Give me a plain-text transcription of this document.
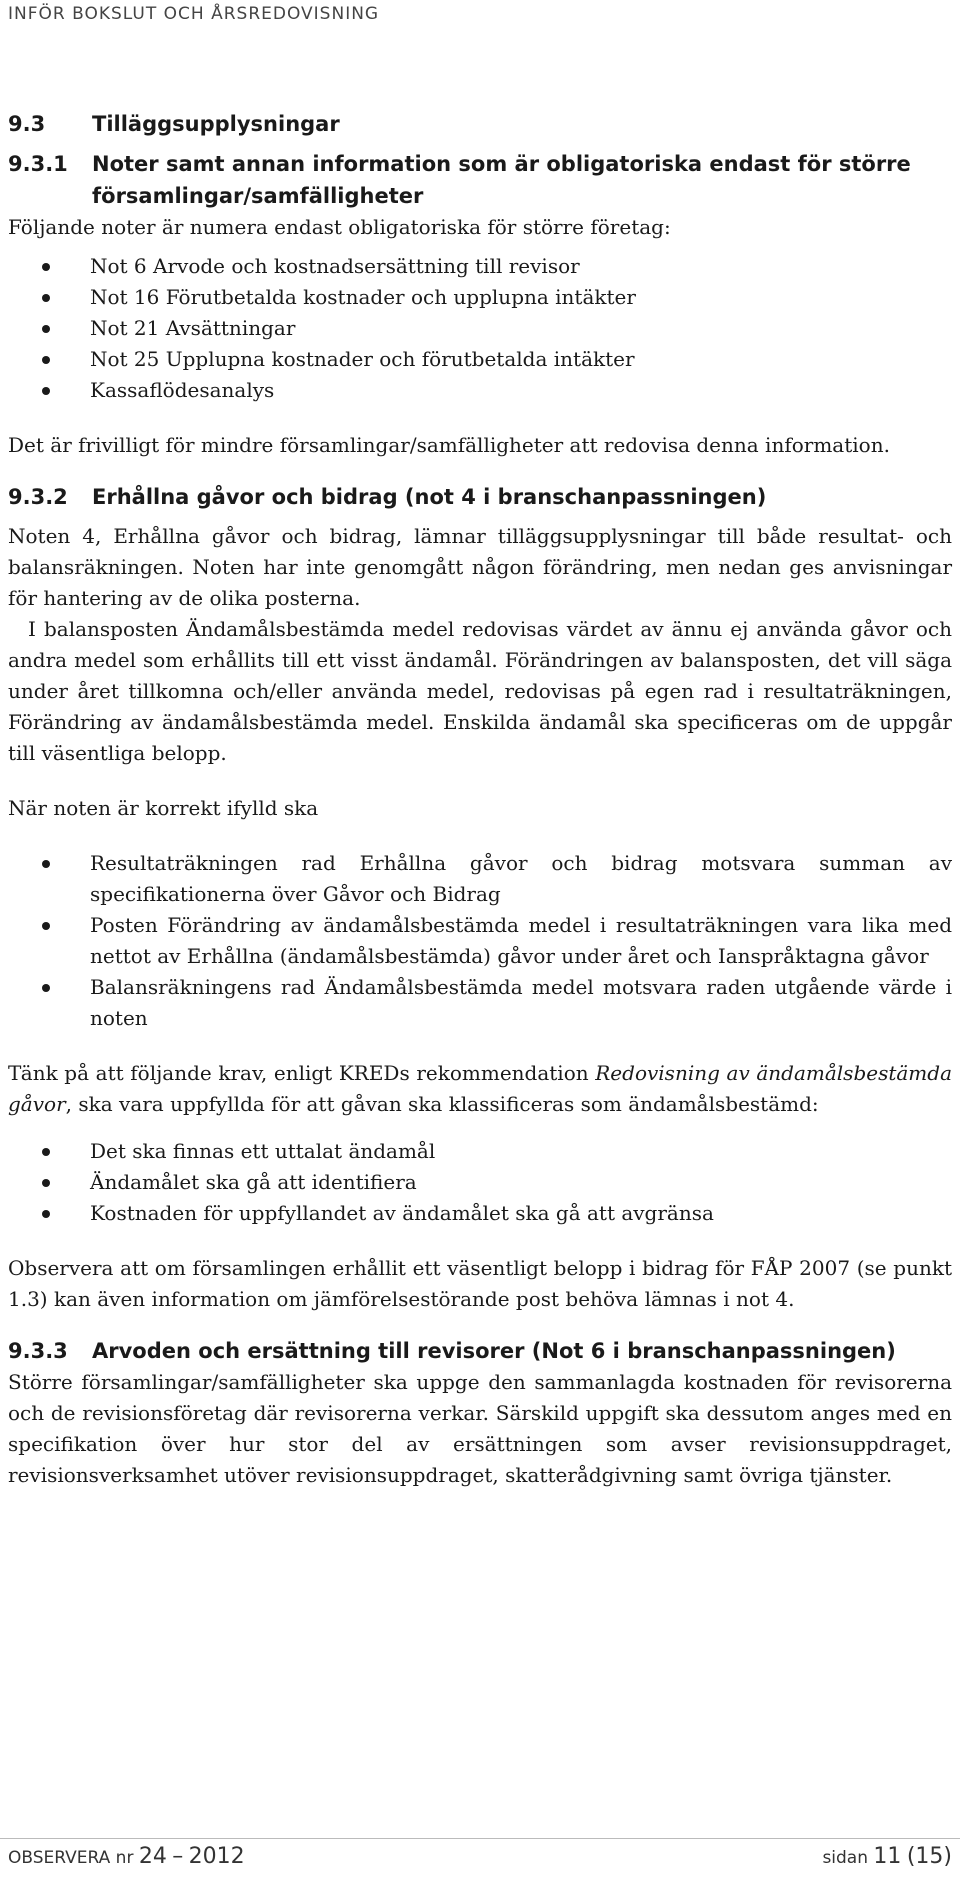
INFÖR BOKSLUT OCH ÅRSREDOVISNING
9.3	Tilläggsupplysningar
9.3.1	Noter samt annan information som är obligatoriska endast för större församlingar/samfälligheter

Följande noter är numera endast obligatoriska för större företag:

Not 6 Arvode och kostnadsersättning till revisor
Not 16 Förutbetalda kostnader och upplupna intäkter
Not 21 Avsättningar
Not 25 Upplupna kostnader och förutbetalda intäkter
Kassaflödesanalys

Det är frivilligt för mindre församlingar/samfälligheter att redovisa denna information.

9.3.2	Erhållna gåvor och bidrag (not 4 i branschanpassningen)

Noten 4, Erhållna gåvor och bidrag, lämnar tilläggsupplysningar till både resultat- och balansräkningen. Noten har inte genomgått någon förändring, men nedan ges anvisningar för hantering av de olika posterna.

I balansposten Ändamålsbestämda medel redovisas värdet av ännu ej använda gåvor och andra medel som erhållits till ett visst ändamål. Förändringen av balansposten, det vill säga under året tillkomna och/eller använda medel, redovisas på egen rad i resultaträkningen, Förändring av ändamålsbestämda medel. Enskilda ändamål ska specificeras om de uppgår till väsentliga belopp.

När noten är korrekt ifylld ska

Resultaträkningen rad Erhållna gåvor och bidrag motsvara summan av specifikationerna över Gåvor och Bidrag
Posten Förändring av ändamålsbestämda medel i resultaträkningen vara lika med nettot av Erhållna (ändamålsbestämda) gåvor under året och Ianspråktagna gåvor
Balansräkningens rad Ändamålsbestämda medel motsvara raden utgående värde i noten

Tänk på att följande krav, enligt KREDs rekommendation Redovisning av ändamålsbestämda gåvor, ska vara uppfyllda för att gåvan ska klassificeras som ändamålsbestämd:

Det ska finnas ett uttalat ändamål
Ändamålet ska gå att identifiera
Kostnaden för uppfyllandet av ändamålet ska gå att avgränsa

Observera att om församlingen erhållit ett väsentligt belopp i bidrag för FÅP 2007 (se punkt 1.3) kan även information om jämförelsestörande post behöva lämnas i not 4.

9.3.3	Arvoden och ersättning till revisorer (Not 6 i branschanpassningen)

Större församlingar/samfälligheter ska uppge den sammanlagda kostnaden för revisorerna och de revisionsföretag där revisorerna verkar. Särskild uppgift ska dessutom anges med en specifikation över hur stor del av ersättningen som avser revisionsuppdraget, revisionsverksamhet utöver revisionsuppdraget, skatterådgivning samt övriga tjänster.

OBSERVERA nr 24 – 2012	sidan 11 (15)
